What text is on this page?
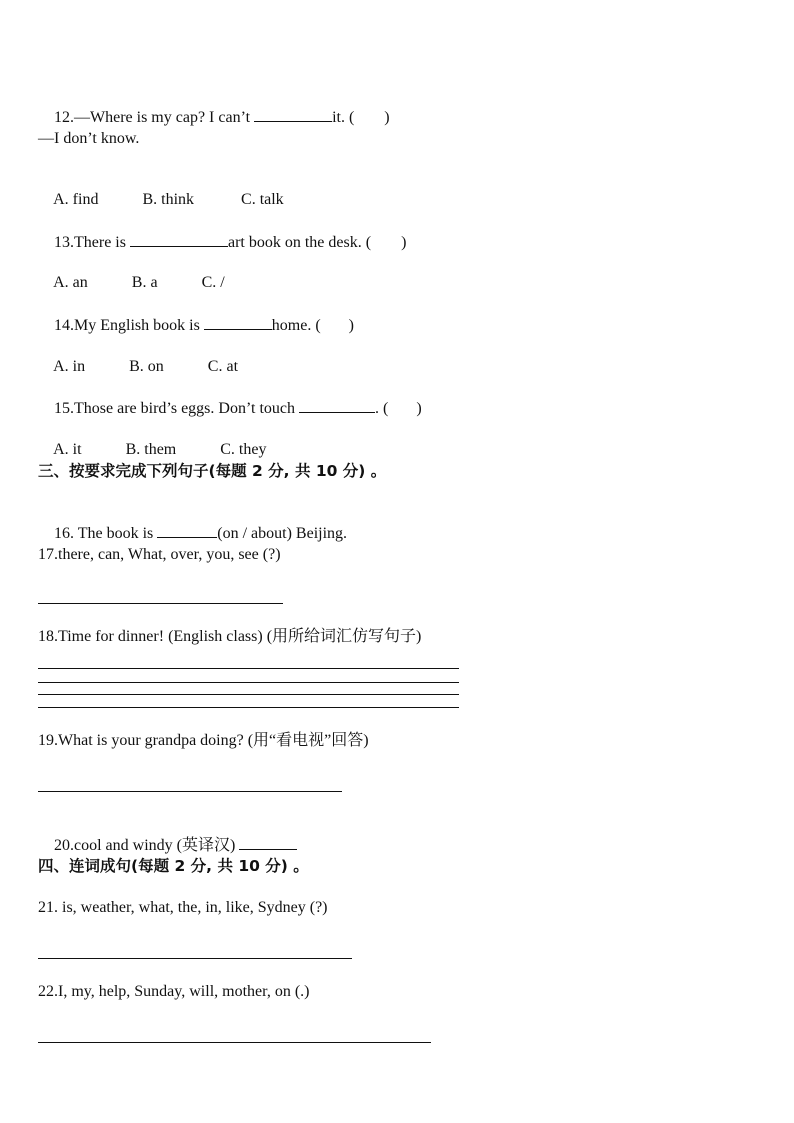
12.—Where is my cap? I can’t	it. ( )

—I don’t know.

A. find	B. think	C. talk

13.There is	art book on the desk. ( )

A. an	B. a	C. /

14.My English book is	home. ( )

A. in	B. on	C. at

15.Those are bird’s eggs. Don’t touch	. ( )

A. it	B. them	C. they

三、按要求完成下列句子(每题 2 分, 共 10 分) 。

16. The book is	(on / about) Beijing.

17.there, can, What, over, you, see (?)
18.Time for dinner! (English class) (用所给词汇仿写句子)
19.What is your grandpa doing? (用“看电视”回答)

20.cool and windy (英译汉)

四、连词成句(每题 2 分, 共 10 分) 。
21. is, weather, what, the, in, like, Sydney (?)
22.I, my, help, Sunday, will, mother, on (.)
